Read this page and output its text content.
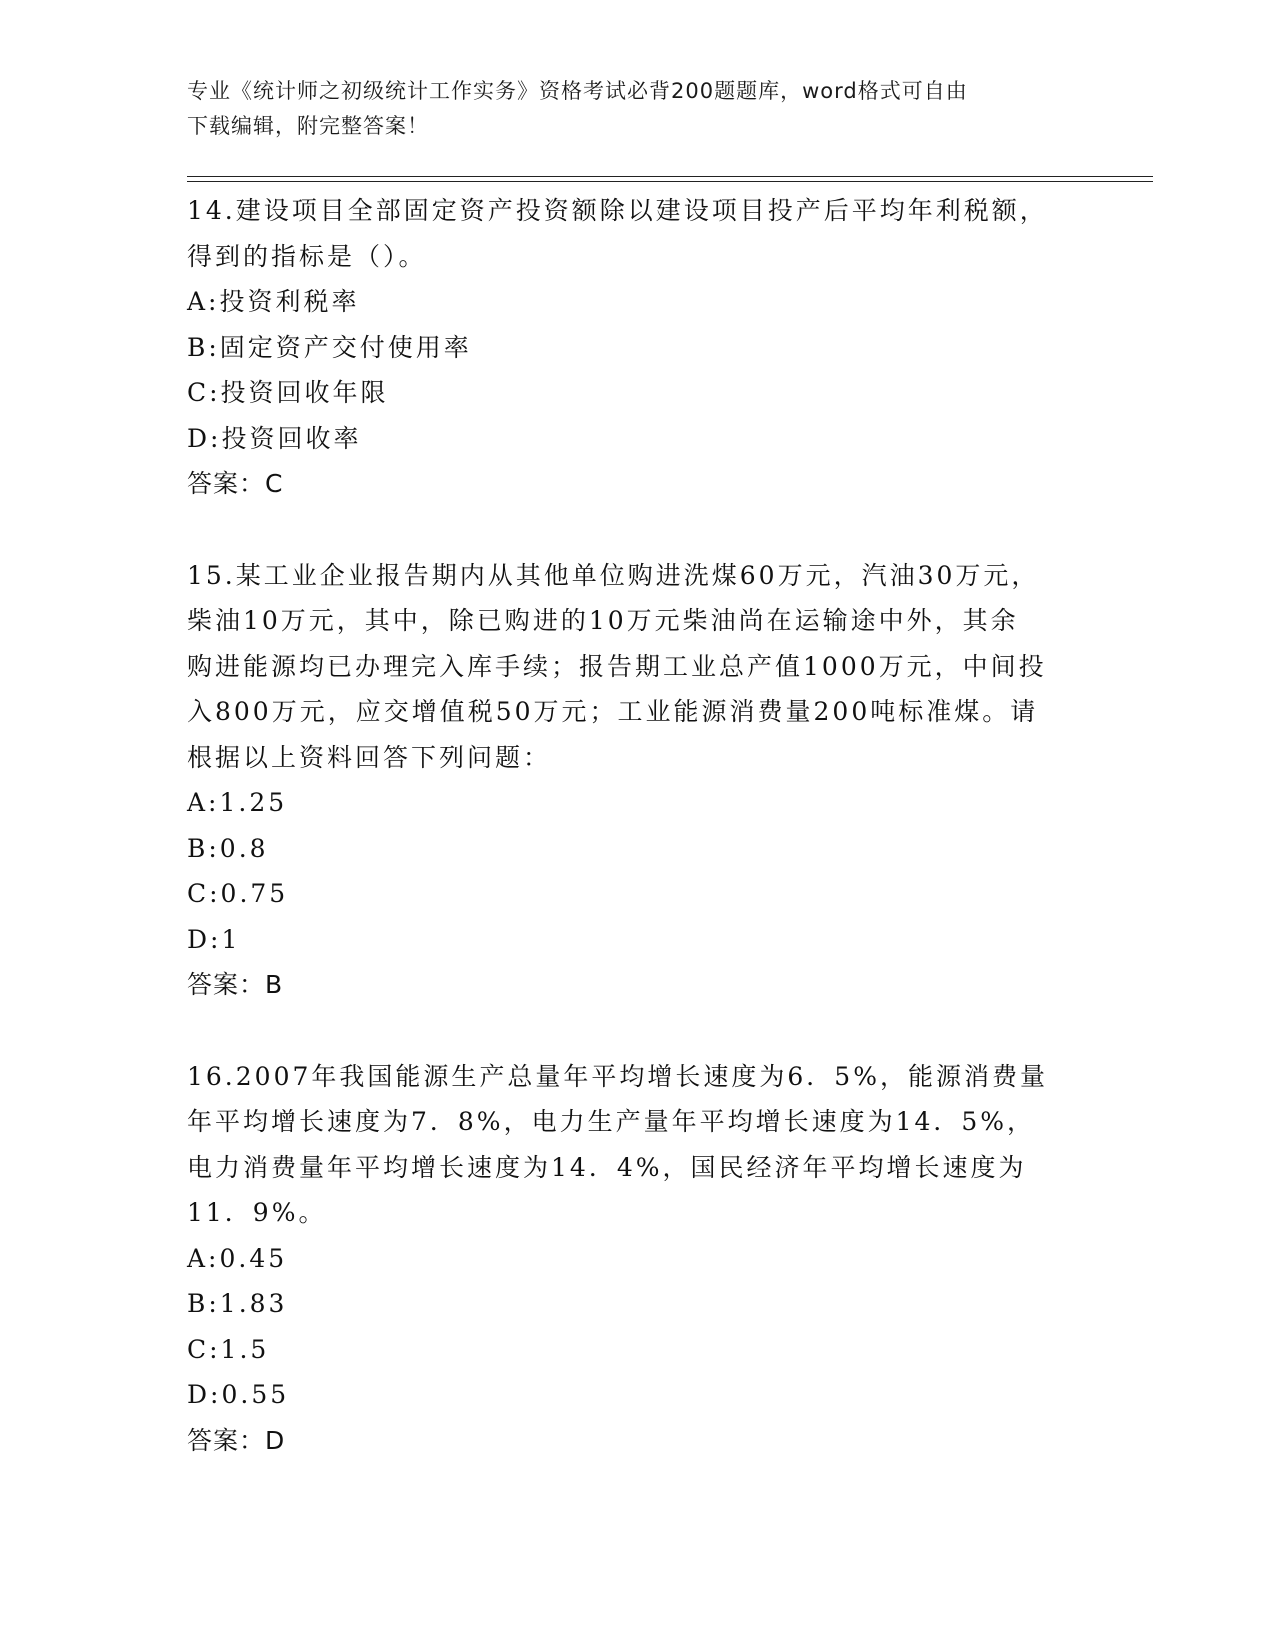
专业《统计师之初级统计工作实务》资格考试必背200题题库，word格式可自由
下载编辑，附完整答案！

14.建设项目全部固定资产投资额除以建设项目投产后平均年利税额，

得到的指标是（）。

A:投资利税率

B:固定资产交付使用率

C:投资回收年限

D:投资回收率

答案：C

15.某工业企业报告期内从其他单位购进洗煤60万元，汽油30万元，

柴油10万元，其中，除已购进的10万元柴油尚在运输途中外，其余

购进能源均已办理完入库手续；报告期工业总产值1000万元，中间投

入800万元，应交增值税50万元；工业能源消费量200吨标准煤。请

根据以上资料回答下列问题：

A:1.25

B:0.8

C:0.75

D:1

答案：B

16.2007年我国能源生产总量年平均增长速度为6．5%，能源消费量

年平均增长速度为7．8%，电力生产量年平均增长速度为14．5%，

电力消费量年平均增长速度为14．4%，国民经济年平均增长速度为

11．9%。

A:0.45

B:1.83

C:1.5

D:0.55

答案：D
